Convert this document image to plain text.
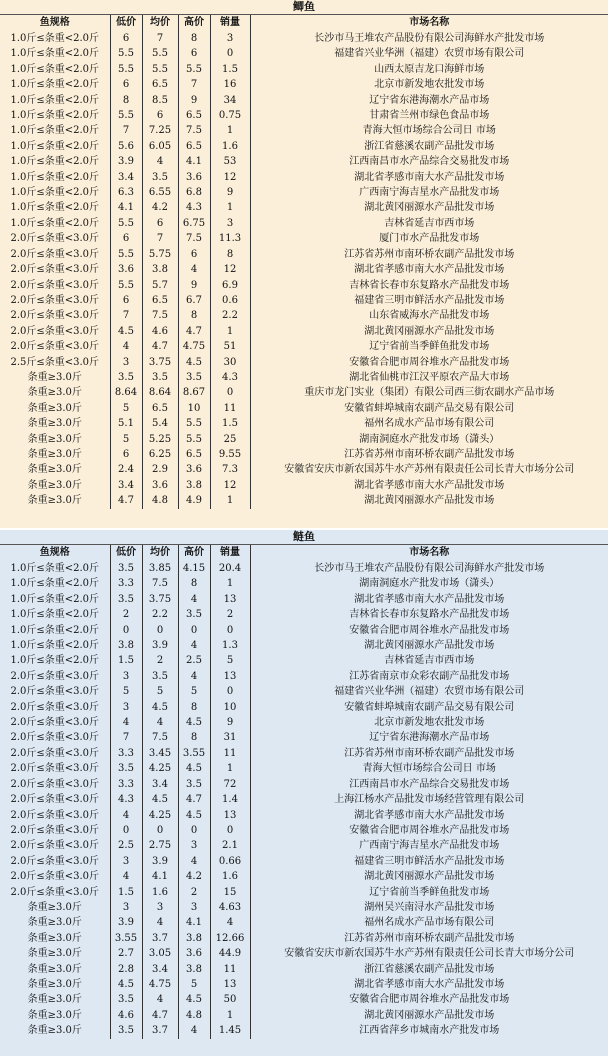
鲫鱼
鱼规格	低价	均价	高价	销量	市场名称
1.0斤≤条重<2.0斤	6	7	8	3	长沙市马王堆农产品股份有限公司海鲜水产批发市场
1.0斤≤条重<2.0斤	5.5	5.5	6	0	福建省兴业华洲（福建）农贸市场有限公司
1.0斤≤条重<2.0斤	5.5	5.5	5.5	1.5	山西太原吉龙口海鲜市场
1.0斤≤条重<2.0斤	6	6.5	7	16	北京市新发地农批发市场
1.0斤≤条重<2.0斤	8	8.5	9	34	辽宁省东港海潮水产品市场
1.0斤≤条重<2.0斤	5.5	6	6.5	0.75	甘肃省兰州市绿色食品市场
1.0斤≤条重<2.0斤	7	7.25	7.5	1	青海大恒市场综合公司日 市场
1.0斤≤条重<2.0斤	5.6	6.05	6.5	1.6	浙江省慈溪农副产品批发市场
1.0斤≤条重<2.0斤	3.9	4	4.1	53	江西南昌市水产品综合交易批发市场
1.0斤≤条重<2.0斤	3.4	3.5	3.6	12	湖北省孝感市南大水产品批发市场
1.0斤≤条重<2.0斤	6.3	6.55	6.8	9	广西南宁海吉星水产品批发市场
1.0斤≤条重<2.0斤	4.1	4.2	4.3	1	湖北黄冈丽源水产品批发市场
1.0斤≤条重<2.0斤	5.5	6	6.75	3	吉林省延吉市西市场
2.0斤≤条重<3.0斤	6	7	7.5	11.3	厦门市水产品批发市场
2.0斤≤条重<3.0斤	5.5	5.75	6	8	江苏省苏州市南环桥农副产品批发市场
2.0斤≤条重<3.0斤	3.6	3.8	4	12	湖北省孝感市南大水产品批发市场
2.0斤≤条重<3.0斤	5.5	5.7	9	6.9	吉林省长春市东复路水产品批发市场
2.0斤≤条重<3.0斤	6	6.5	6.7	0.6	福建省三明市鲜活水产品批发市场
2.0斤≤条重<3.0斤	7	7.5	8	2.2	山东省威海水产品批发市场
2.0斤≤条重<3.0斤	4.5	4.6	4.7	1	湖北黄冈丽源水产品批发市场
2.0斤≤条重<3.0斤	4	4.7	4.75	51	辽宁省前当季鲜鱼批发市场
2.5斤≤条重<3.0斤	3	3.75	4.5	30	安徽省合肥市周谷堆水产品批发市场
条重≥3.0斤	3.5	3.5	3.5	4.3	湖北省仙桃市江汉平原农产品大市场
条重≥3.0斤	8.64	8.64	8.67	0	重庆市龙门实业（集团）有限公司西三街农副水产品市场
条重≥3.0斤	5	6.5	10	11	安徽省蚌埠城南农副产品交易有限公司
条重≥3.0斤	5.1	5.4	5.5	1.5	福州名成水产品市场有限公司
条重≥3.0斤	5	5.25	5.5	25	湖南洞庭水产批发市场（潇头）
条重≥3.0斤	6	6.25	6.5	9.55	江苏省苏州市南环桥农副产品批发市场
条重≥3.0斤	2.4	2.9	3.6	7.3	安徽省安庆市新农国苏牛水产苏州有限责任公司长青大市场分公司
条重≥3.0斤	3.4	3.6	3.8	12	湖北省孝感市南大水产品批发市场
条重≥3.0斤	4.7	4.8	4.9	1	湖北黄冈丽源水产品批发市场
鲢鱼
鱼规格	低价	均价	高价	销量	市场名称
1.0斤≤条重<2.0斤	3.5	3.85	4.15	20.4	长沙市马王堆农产品股份有限公司海鲜水产批发市场
1.0斤≤条重<2.0斤	3.3	7.5	8	1	湖南洞庭水产批发市场（潇头）
1.0斤≤条重<2.0斤	3.5	3.75	4	13	湖北省孝感市南大水产品批发市场
1.0斤≤条重<2.0斤	2	2.2	3.5	2	吉林省长春市东复路水产品批发市场
1.0斤≤条重<2.0斤	0	0	0	0	安徽省合肥市周谷堆水产品批发市场
1.0斤≤条重<2.0斤	3.8	3.9	4	1.3	湖北黄冈丽源水产品批发市场
1.0斤≤条重<2.0斤	1.5	2	2.5	5	吉林省延吉市西市场
2.0斤≤条重<3.0斤	3	3.5	4	13	江苏省南京市众彩农副产品批发市场
2.0斤≤条重<3.0斤	5	5	5	0	福建省兴业华洲（福建）农贸市场有限公司
2.0斤≤条重<3.0斤	3	4.5	8	10	安徽省蚌埠城南农副产品交易有限公司
2.0斤≤条重<3.0斤	4	4	4.5	9	北京市新发地农批发市场
2.0斤≤条重<3.0斤	7	7.5	8	31	辽宁省东港海潮水产品市场
2.0斤≤条重<3.0斤	3.3	3.45	3.55	11	江苏省苏州市南环桥农副产品批发市场
2.0斤≤条重<3.0斤	3.5	4.25	4.5	1	青海大恒市场综合公司日 市场
2.0斤≤条重<3.0斤	3.3	3.4	3.5	72	江西南昌市水产品综合交易批发市场
2.0斤≤条重<3.0斤	4.3	4.5	4.7	1.4	上海江杨水产品批发市场经营管理有限公司
2.0斤≤条重<3.0斤	4	4.25	4.5	13	湖北省孝感市南大水产品批发市场
2.0斤≤条重<3.0斤	0	0	0	0	安徽省合肥市周谷堆水产品批发市场
2.0斤≤条重<3.0斤	2.5	2.75	3	2.1	广西南宁海吉星水产品批发市场
2.0斤≤条重<3.0斤	3	3.9	4	0.66	福建省三明市鲜活水产品批发市场
2.0斤≤条重<3.0斤	4	4.1	4.2	1.6	湖北黄冈丽源水产品批发市场
2.0斤≤条重<3.0斤	1.5	1.6	2	15	辽宁省前当季鲜鱼批发市场
条重≥3.0斤	3	3	3	4.63	湖州吴兴南浔水产品批发市场
条重≥3.0斤	3.9	4	4.1	4	福州名成水产品市场有限公司
条重≥3.0斤	3.55	3.7	3.8	12.66	江苏省苏州市南环桥农副产品批发市场
条重≥3.0斤	2.7	3.05	3.6	44.9	安徽省安庆市新农国苏牛水产苏州有限责任公司长青大市场分公司
条重≥3.0斤	2.8	3.4	3.8	11	浙江省慈溪农副产品批发市场
条重≥3.0斤	4.5	4.75	5	13	湖北省孝感市南大水产品批发市场
条重≥3.0斤	3.5	4	4.5	50	安徽省合肥市周谷堆水产品批发市场
条重≥3.0斤	4.6	4.7	4.8	1	湖北黄冈丽源水产品批发市场
条重≥3.0斤	3.5	3.7	4	1.45	江西省萍乡市城南水产批发市场
